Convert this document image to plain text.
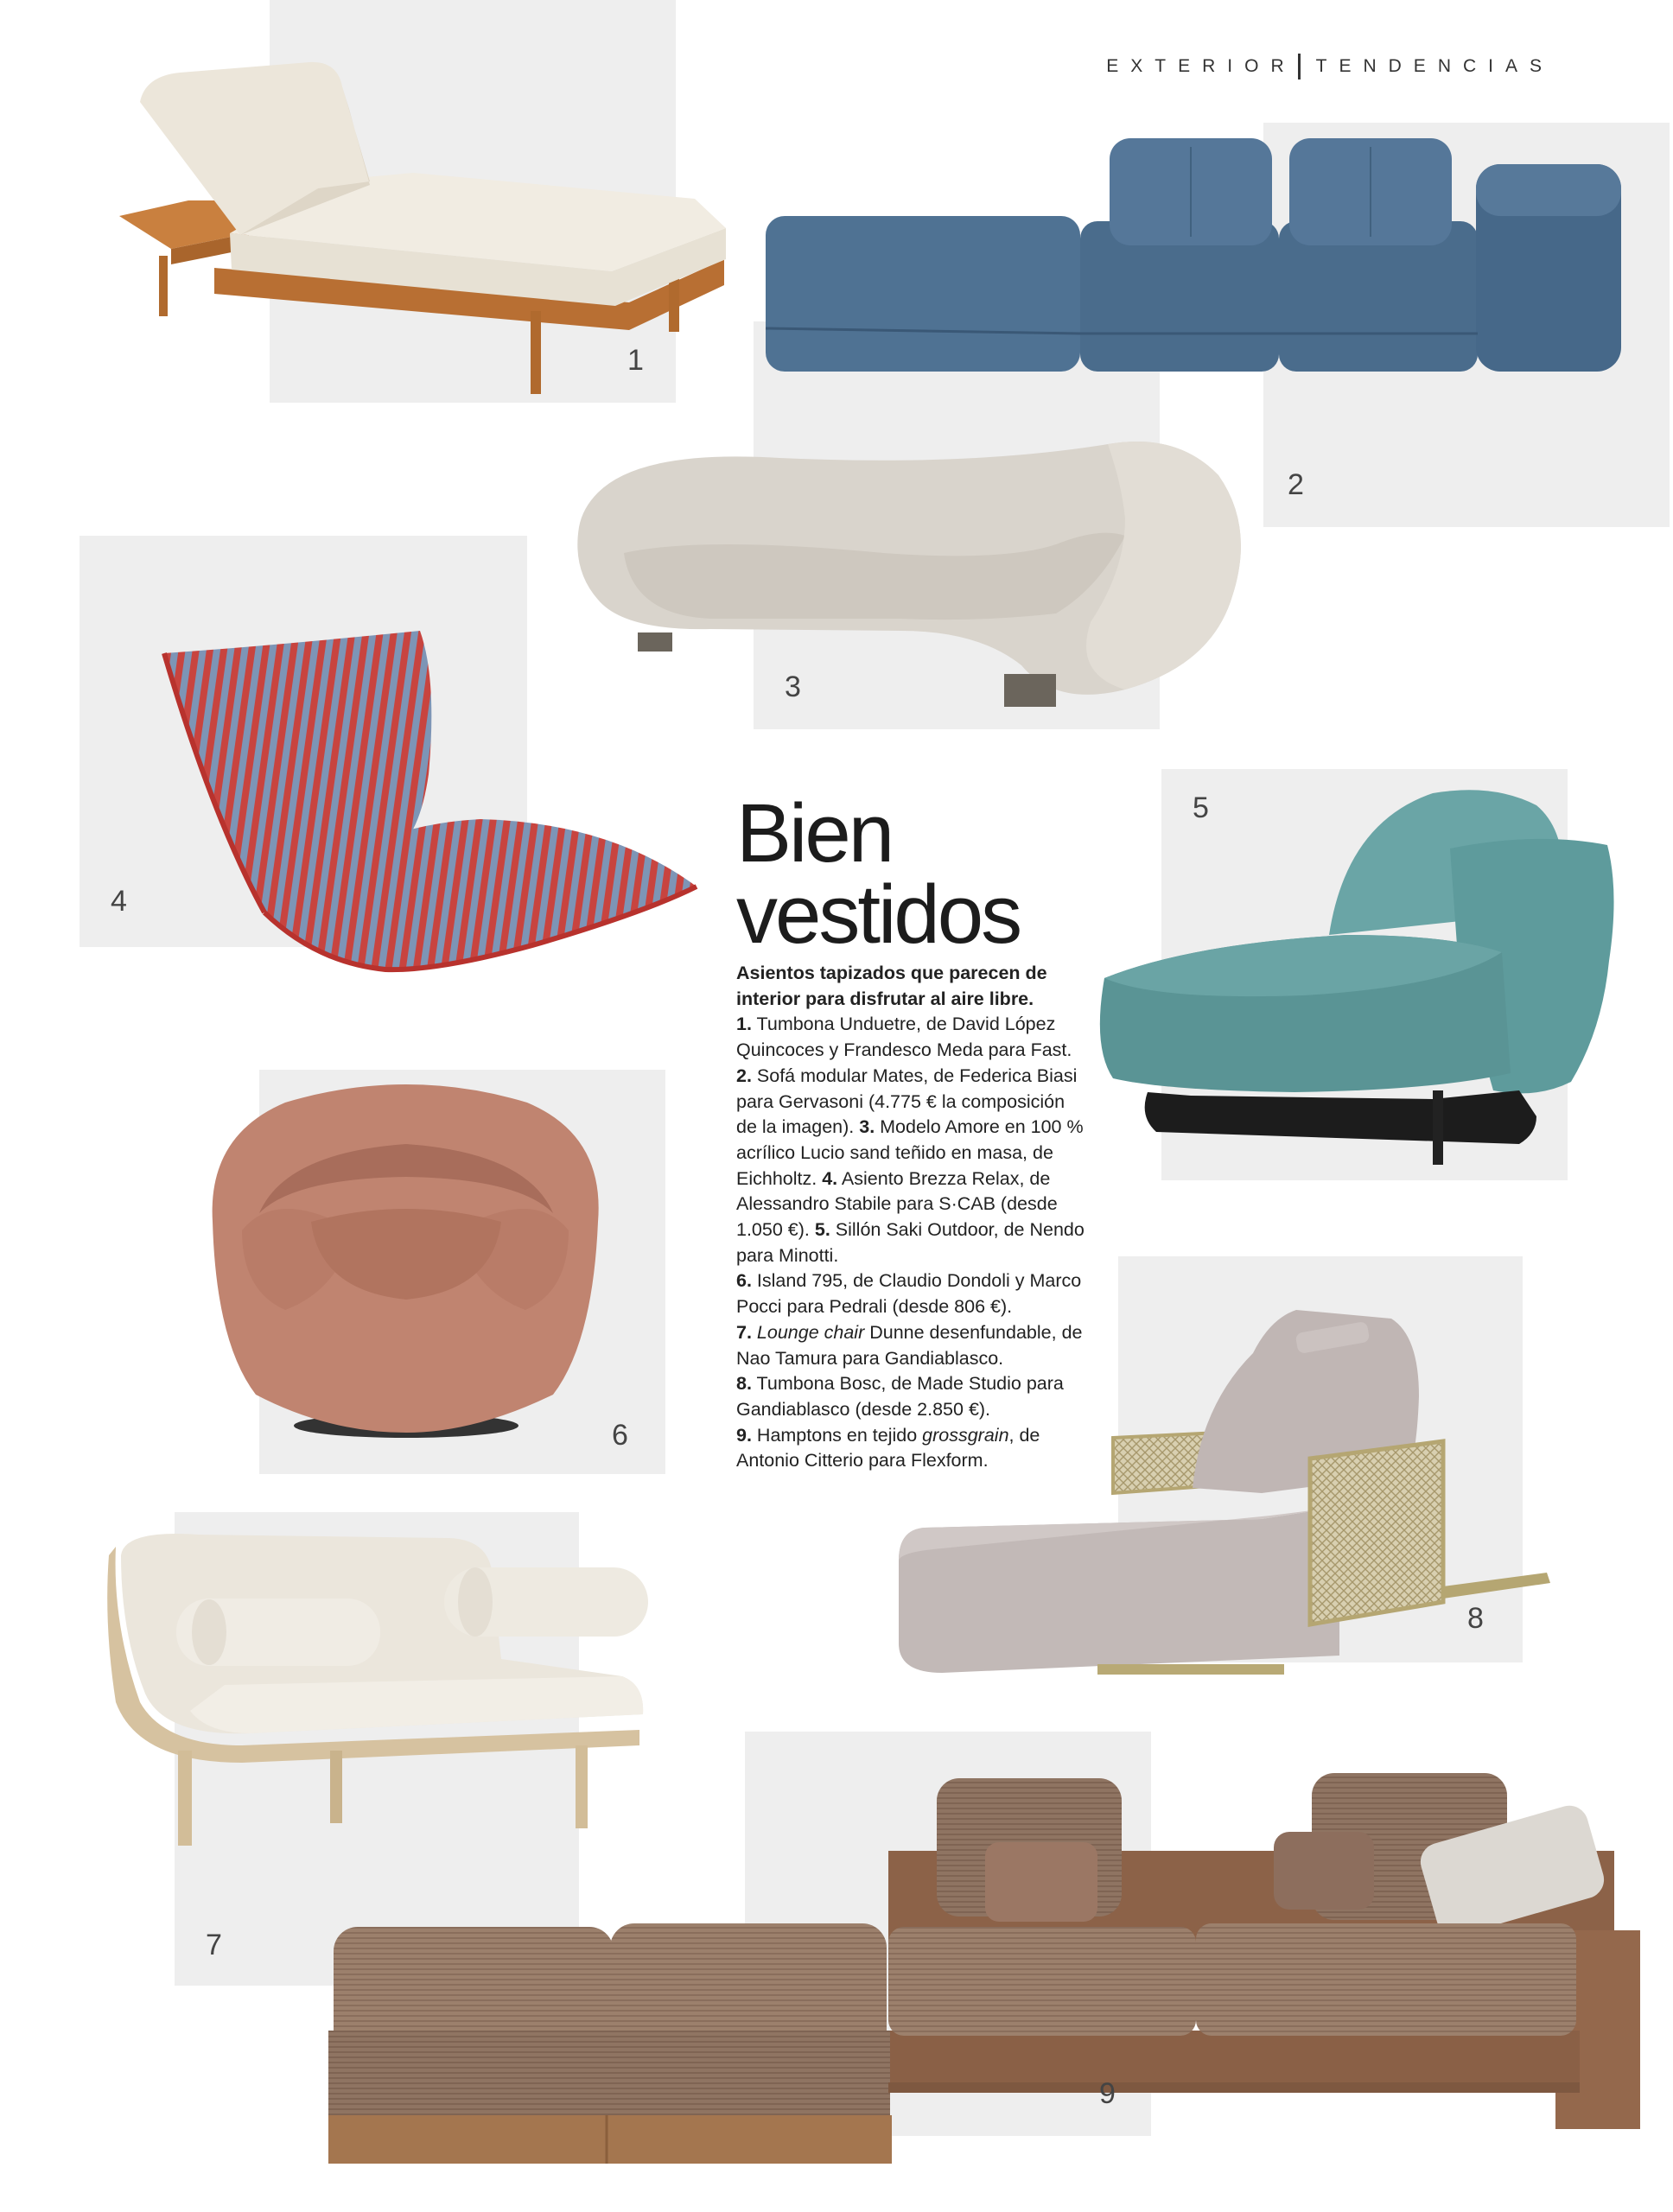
EXTERIOR TENDENCIAS
1
2
3
4
5
6
7
8
9
Bien
vestidos
Asientos tapizados que parecen de interior para disfrutar al aire libre.
1. Tumbona Unduetre, de David López Quincoces y Frandesco Meda para Fast. 2. Sofá modular Mates, de Federica Biasi para Gervasoni (4.775 € la composición de la imagen). 3. Modelo Amore en 100 % acrílico Lucio sand teñido en masa, de Eichholtz. 4. Asiento Brezza Relax, de Alessandro Stabile para S·CAB (desde 1.050 €). 5. Sillón Saki Outdoor, de Nendo para Minotti.
6. Island 795, de Claudio Dondoli y Marco Pocci para Pedrali (desde 806 €).
7. Lounge chair Dunne desenfundable, de Nao Tamura para Gandiablasco.
8. Tumbona Bosc, de Made Studio para Gandiablasco (desde 2.850 €).
9. Hamptons en tejido grossgrain, de Antonio Citterio para Flexform.
